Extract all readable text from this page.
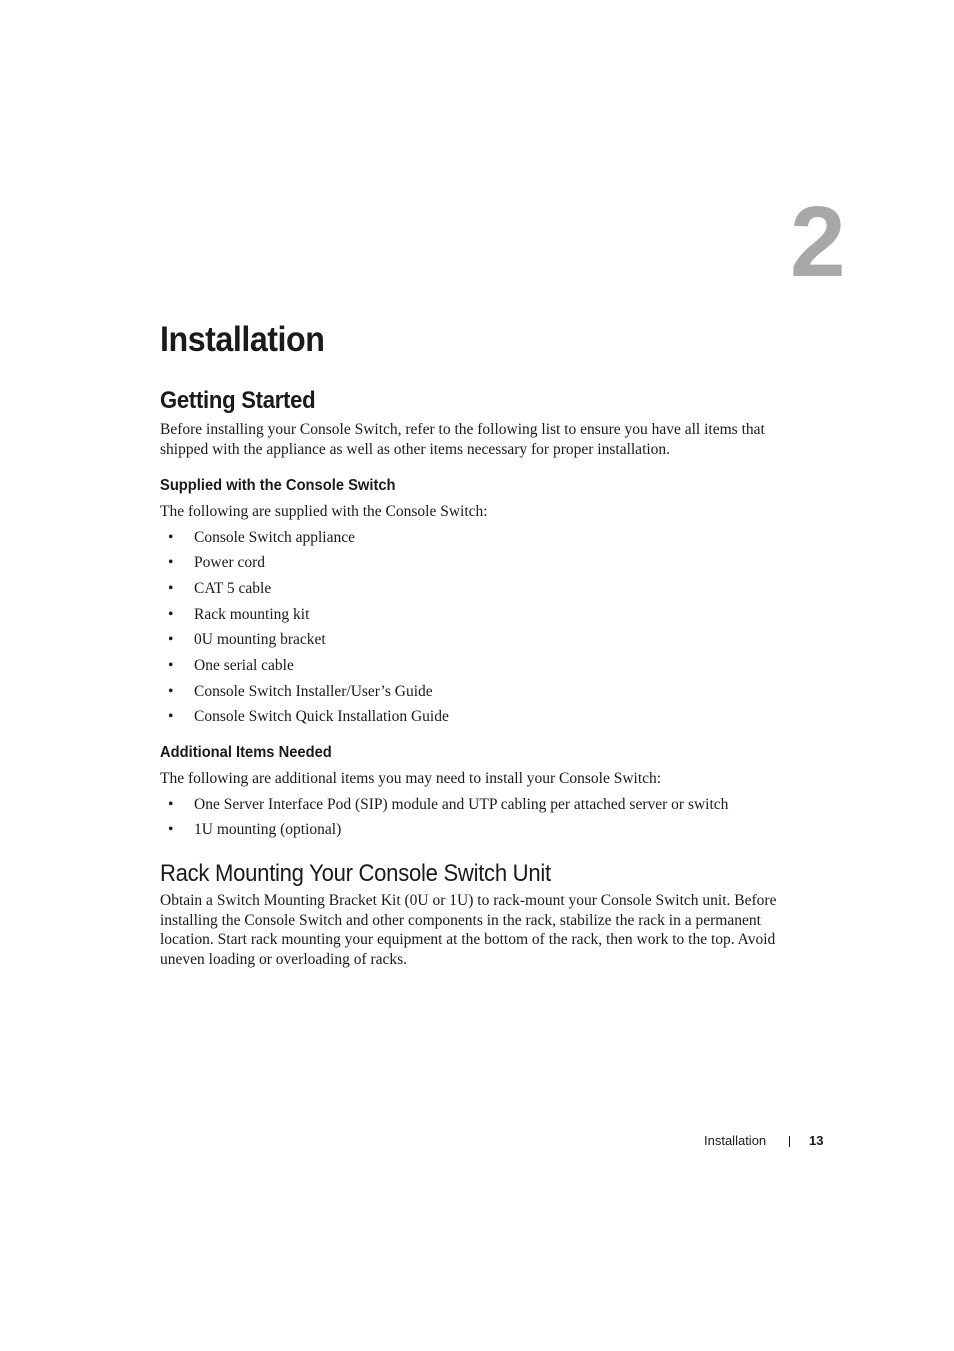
2
Installation
Getting Started

Before installing your Console Switch, refer to the following list to ensure you have all items that shipped with the appliance as well as other items necessary for proper installation.

Supplied with the Console Switch

The following are supplied with the Console Switch:

• Console Switch appliance
• Power cord
• CAT 5 cable
• Rack mounting kit
• 0U mounting bracket
• One serial cable
• Console Switch Installer/User’s Guide
• Console Switch Quick Installation Guide
Additional Items Needed

The following are additional items you may need to install your Console Switch:

• One Server Interface Pod (SIP) module and UTP cabling per attached server or switch
• 1U mounting (optional)
Rack Mounting Your Console Switch Unit

Obtain a Switch Mounting Bracket Kit (0U or 1U) to rack-mount your Console Switch unit. Before installing the Console Switch and other components in the rack, stabilize the rack in a permanent location. Start rack mounting your equipment at the bottom of the rack, then work to the top. Avoid uneven loading or overloading of racks.

Installation	13
